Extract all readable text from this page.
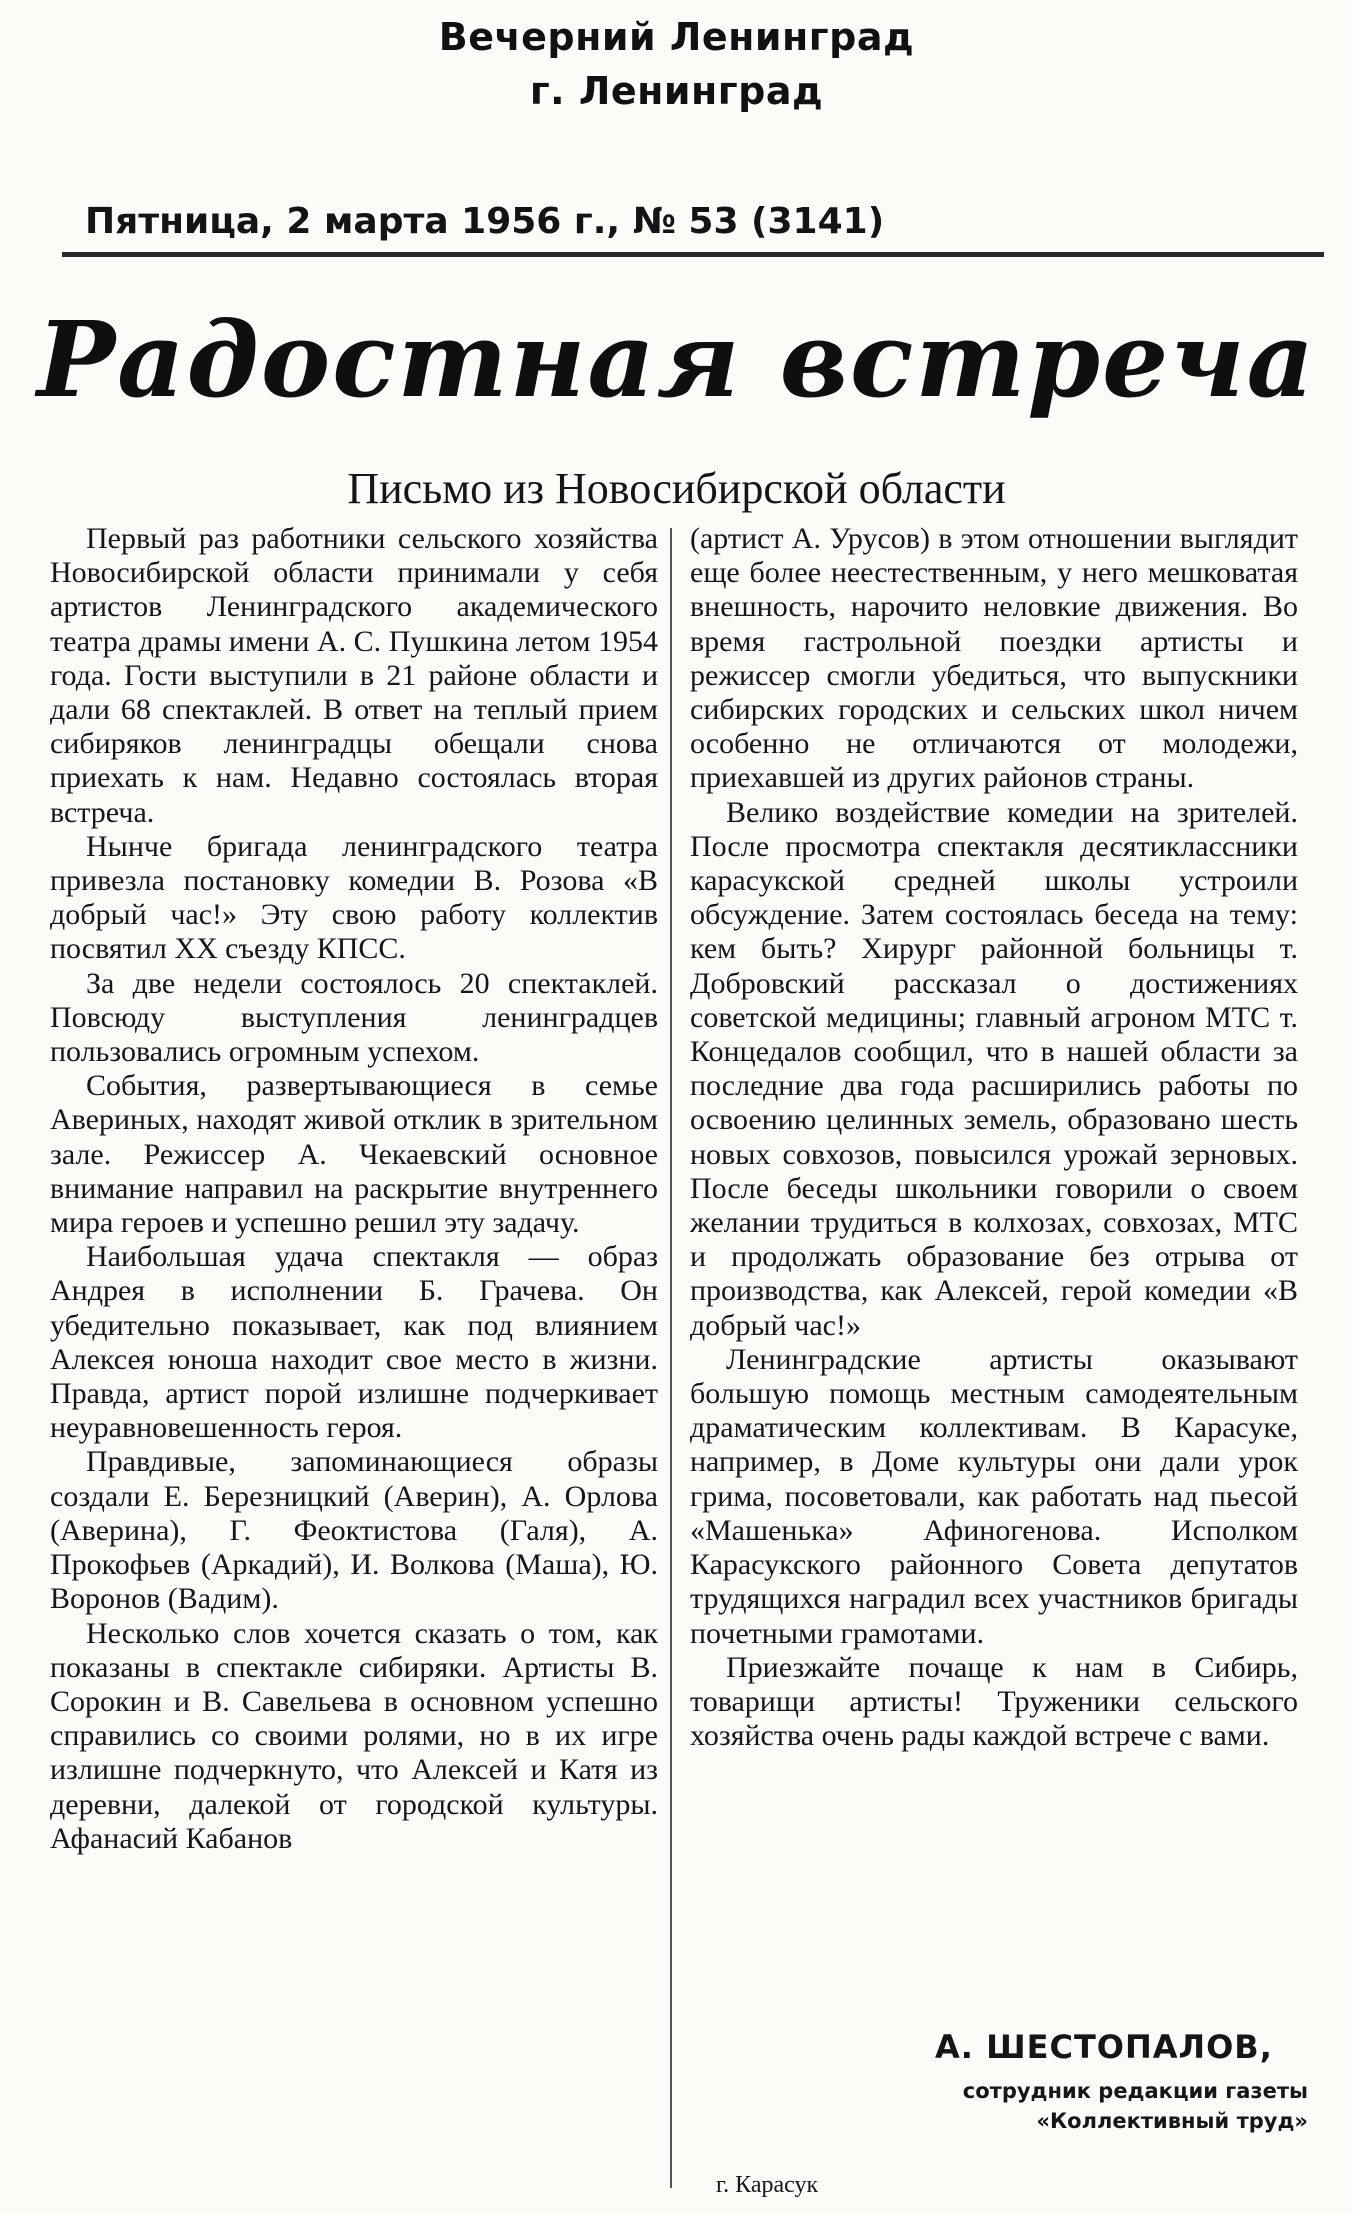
Вечерний Ленинград
г. Ленинград
Пятница, 2 марта 1956 г., № 53 (3141)
Радостная встреча
Письмо из Новосибирской области

Первый раз работники сельского хозяйства Новосибирской области принимали у себя артистов Ленинградского академического театра драмы имени А. С. Пушкина летом 1954 года. Гости выступили в 21 районе области и дали 68 спектаклей. В ответ на теплый прием сибиряков ленинградцы обещали снова приехать к нам. Недавно состоялась вторая встреча.

Нынче бригада ленинградского театра привезла постановку комедии В. Розова «В добрый час!» Эту свою работу коллектив посвятил XX съезду КПСС.

За две недели состоялось 20 спектаклей. Повсюду выступления ленинградцев пользовались огромным успехом.

События, развертывающиеся в семье Авериных, находят живой отклик в зрительном зале. Режиссер А. Чекаевский основное внимание направил на раскрытие внутреннего мира героев и успешно решил эту задачу.

Наибольшая удача спектакля — образ Андрея в исполнении Б. Грачева. Он убедительно показывает, как под влиянием Алексея юноша находит свое место в жизни. Правда, артист порой излишне подчеркивает неуравновешенность героя.

Правдивые, запоминающиеся образы создали Е. Березницкий (Аверин), А. Орлова (Аверина), Г. Феоктистова (Галя), А. Прокофьев (Аркадий), И. Волкова (Маша), Ю. Воронов (Вадим).

Несколько слов хочется сказать о том, как показаны в спектакле сибиряки. Артисты В. Сорокин и В. Савельева в основном успешно справились со своими ролями, но в их игре излишне подчеркнуто, что Алексей и Катя из деревни, далекой от городской культуры. Афанасий Кабанов

(артист А. Урусов) в этом отношении выглядит еще более неестественным, у него мешковатая внешность, нарочито неловкие движения. Во время гастрольной поездки артисты и режиссер смогли убедиться, что выпускники сибирских городских и сельских школ ничем особенно не отличаются от молодежи, приехавшей из других районов страны.

Велико воздействие комедии на зрителей. После просмотра спектакля десятиклассники карасукской средней школы устроили обсуждение. Затем состоялась беседа на тему: кем быть? Хирург районной больницы т. Добровский рассказал о достижениях советской медицины; главный агроном МТС т. Концедалов сообщил, что в нашей области за последние два года расширились работы по освоению целинных земель, образовано шесть новых совхозов, повысился урожай зерновых. После беседы школьники говорили о своем желании трудиться в колхозах, совхозах, МТС и продолжать образование без отрыва от производства, как Алексей, герой комедии «В добрый час!»

Ленинградские артисты оказывают большую помощь местным самодеятельным драматическим коллективам. В Карасуке, например, в Доме культуры они дали урок грима, посоветовали, как работать над пьесой «Машенька» Афиногенова. Исполком Карасукского районного Совета депутатов трудящихся наградил всех участников бригады почетными грамотами.

Приезжайте почаще к нам в Сибирь, товарищи артисты! Труженики сельского хозяйства очень рады каждой встрече с вами.

А. ШЕСТОПАЛОВ,
сотрудник редакции газеты
«Коллективный труд»
г. Карасук
